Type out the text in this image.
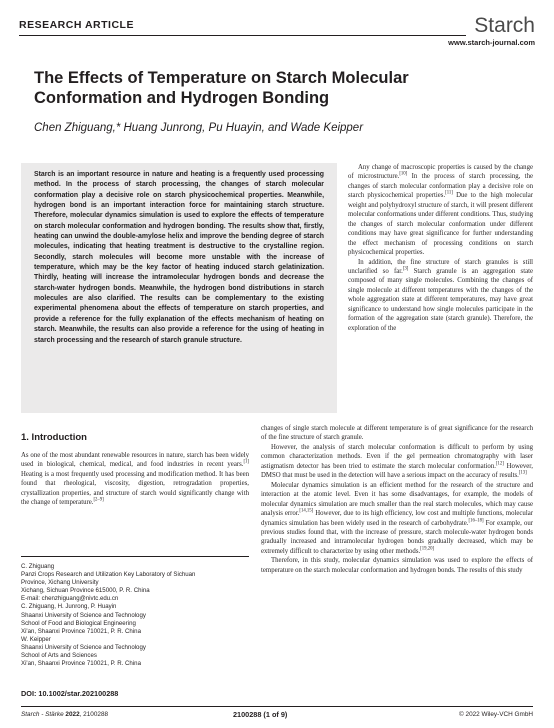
RESEARCH ARTICLE	Starch
www.starch-journal.com
The Effects of Temperature on Starch Molecular Conformation and Hydrogen Bonding
Chen Zhiguang,* Huang Junrong, Pu Huayin, and Wade Keipper
Starch is an important resource in nature and heating is a frequently used processing method. In the process of starch processing, the changes of starch molecular conformation play a decisive role on starch physicochemical properties. Meanwhile, hydrogen bond is an important interaction force for maintaining starch structure. Therefore, molecular dynamics simulation is used to explore the effects of temperature on starch molecular conformation and hydrogen bonding. The results show that, firstly, heating can unwind the double-amylose helix and improve the bending degree of starch molecules, indicating that heating treatment is destructive to the crystalline region. Secondly, starch molecules will become more unstable with the increase of temperature, which may be the key factor of heating induced starch gelatinization. Thirdly, heating will increase the intramolecular hydrogen bonds and decrease the starch-water hydrogen bonds. Meanwhile, the hydrogen bond distributions in starch molecules are also clarified. The results can be complementary to the existing experimental phenomena about the effects of temperature on starch properties, and provide a reference for the fully explanation of the effects mechanism of heating on starch. Meanwhile, the results can also provide a reference for the using of heating in starch processing and the research of starch granule structure.

Any change of macroscopic properties is caused by the change of microstructure.[10] In the process of starch processing, the changes of starch molecular conformation play a decisive role on starch physicochemical properties.[11] Due to the high molecular weight and polyhydroxyl structure of starch, it will present different molecular conformations under different conditions. Thus, studying the changes of starch molecular conformation under different conditions may have great significance for further understanding the effect mechanism of processing conditions on starch physicochemical properties.

In addition, the fine structure of starch granules is still unclarified so far.[3] Starch granule is an aggregation state composed of many single molecules. Combining the changes of single molecule at different temperatures with the changes of the whole aggregation state at different temperatures, may have great significance to understand how single molecules participate in the formation of the aggregation state (starch granule). Therefore, the exploration of the

1. Introduction
As one of the most abundant renewable resources in nature, starch has been widely used in biological, chemical, medical, and food industries in recent years.[1] Heating is a most frequently used processing and modification method. It has been found that rheological, viscosity, digestion, retrogradation properties, crystallization properties, and structure of starch would significantly change with the change of temperature.[2–9]

changes of single starch molecule at different temperature is of great significance for the research of the fine structure of starch granule.

However, the analysis of starch molecular conformation is difficult to perform by using common characterization methods. Even if the gel permeation chromatography with laser astigmatism detector has been tried to estimate the starch molecular conformation.[12] However, DMSO that must be used in the detection will have a serious impact on the accuracy of results.[13]

Molecular dynamics simulation is an efficient method for the research of the structure and interaction at the atomic level. Even it has some disadvantages, for example, the models of molecular dynamics simulation are much smaller than the real starch molecules, which may cause analysis error.[14,15] However, due to its high efficiency, low cost and multiple functions, molecular dynamics simulation has been widely used in the research of carbohydrate.[16–18] For example, our previous studies found that, with the increase of pressure, starch molecule-water hydrogen bonds gradually increased and intramolecular hydrogen bonds gradually decreased, which may be extremely difficult to characterize by using other methods.[19,20]

Therefore, in this study, molecular dynamics simulation was used to explore the effects of temperature on the starch molecular conformation and hydrogen bonds. The results of this study

C. Zhiguang
Panzi Crops Research and Utilization Key Laboratory of Sichuan
Province, Xichang University
Xichang, Sichuan Province 615000, P. R. China
E-mail: chenzhiguang@nivtc.edu.cn
C. Zhiguang, H. Junrong, P. Huayin
Shaanxi University of Science and Technology
School of Food and Biological Engineering
Xi'an, Shaanxi Province 710021, P. R. China
W. Keipper
Shaanxi University of Science and Technology
School of Arts and Sciences
Xi'an, Shaanxi Province 710021, P. R. China
DOI: 10.1002/star.202100288
Starch - Stärke 2022, 2100288	2100288 (1 of 9)	© 2022 Wiley-VCH GmbH
